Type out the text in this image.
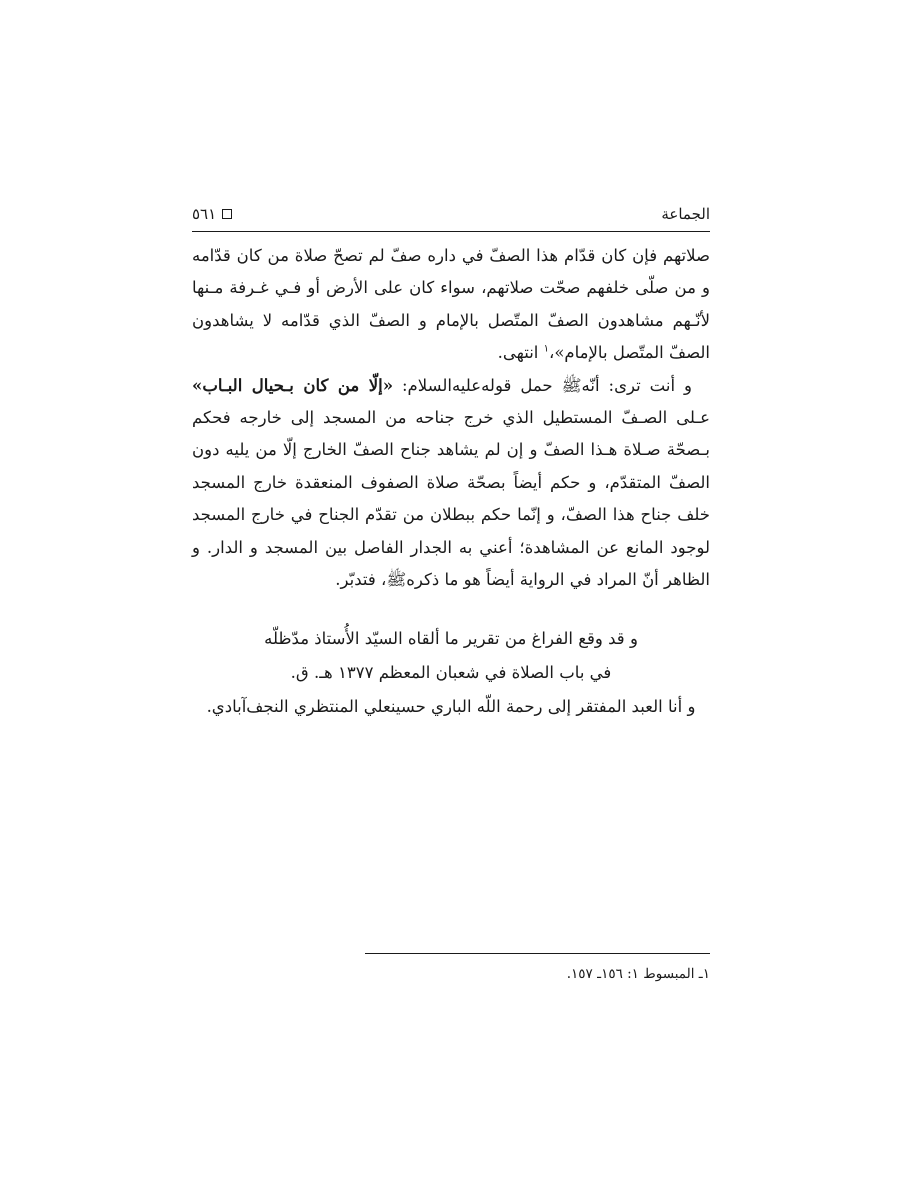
الجماعة
٥٦١

صلاتهم فإن كان قدّام هذا الصفّ في داره صفّ لم تصحّ صلاة من كان قدّامه و من صلّى خلفهم صحّت صلاتهم، سواء كان على الأرض أو فـي غـرفة مـنها لأنّـهم مشاهدون الصفّ المتّصل بالإمام و الصفّ الذي قدّامه لا يشاهدون الصفّ المتّصل بالإمام»،$^١$ انتهى.

و أنت ترى: أنّه‌ﷺ حمل قوله‌عليه‌السلام: «إلّا من كان بـحيال البـاب» عـلى الصـفّ المستطيل الذي خرج جناحه من المسجد إلى خارجه فحكم بـصحّة صـلاة هـذا الصفّ و إن لم يشاهد جناح الصفّ الخارج إلّا من يليه دون الصفّ المتقدّم، و حكم أيضاً بصحّة صلاة الصفوف المنعقدة خارج المسجد خلف جناح هذا الصفّ، و إنّما حكم ببطلان من تقدّم الجناح في خارج المسجد لوجود المانع عن المشاهدة؛ أعني به الجدار الفاصل بين المسجد و الدار. و الظاهر أنّ المراد في الرواية أيضاً هو ما ذكره‌ﷺ، فتدبّر.

و قد وقع الفراغ من تقرير ما ألقاه السيّد الأُستاذ مدّظلّه
في باب الصلاة في شعبان المعظم ١٣٧٧ هـ. ق.
و أنا العبد المفتقر إلى رحمة اللّه الباري حسينعلي المنتظري النجف‌آبادي.
١ـ المبسوط ١: ١٥٦ـ ١٥٧.
